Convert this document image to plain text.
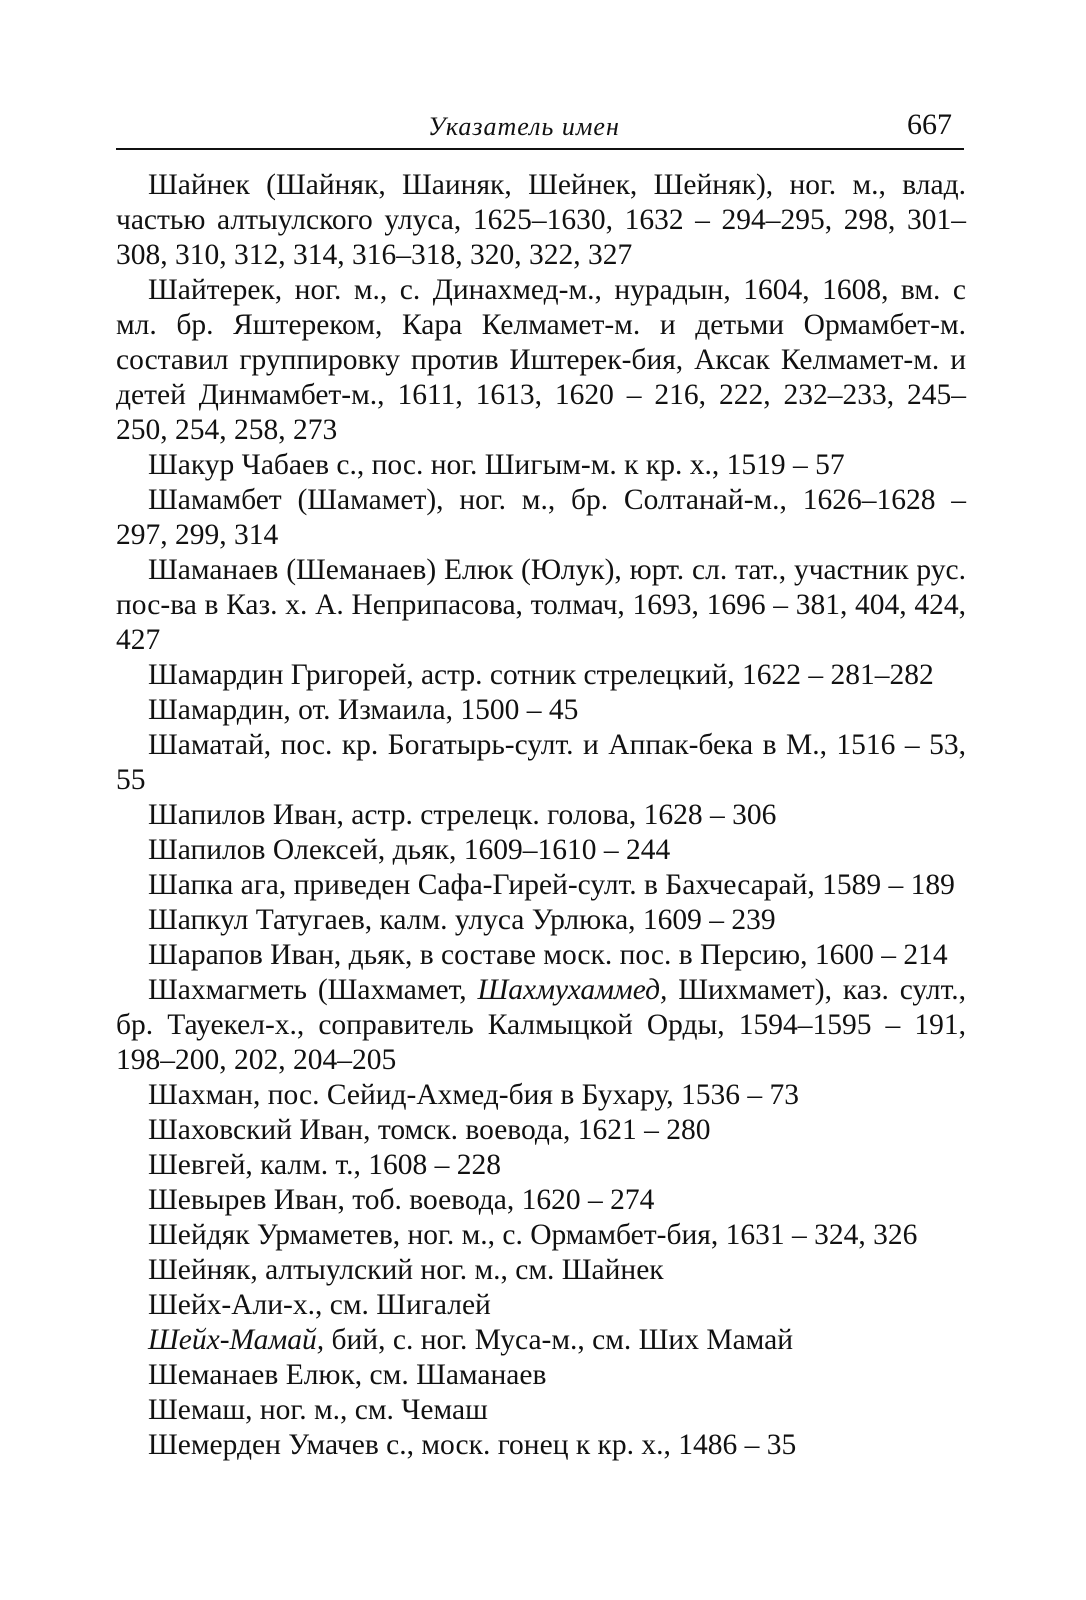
Указатель имен	667
Шайнек (Шайняк, Шаиняк, Шейнек, Шейняк), ног. м., влад. частью алтыулского улуса, 1625–1630, 1632 – 294–295, 298, 301–308, 310, 312, 314, 316–318, 320, 322, 327
Шайтерек, ног. м., с. Динахмед-м., нурадын, 1604, 1608, вм. с мл. бр. Яштереком, Кара Келмамет-м. и детьми Ормамбет-м. составил группировку против Иштерек-бия, Аксак Келмамет-м. и детей Динмамбет-м., 1611, 1613, 1620 – 216, 222, 232–233, 245–250, 254, 258, 273
Шакур Чабаев с., пос. ног. Шигым-м. к кр. х., 1519 – 57
Шамамбет (Шамамет), ног. м., бр. Солтанай-м., 1626–1628 – 297, 299, 314
Шаманаев (Шеманаев) Елюк (Юлук), юрт. сл. тат., участник рус. пос-ва в Каз. х. А. Неприпасова, толмач, 1693, 1696 – 381, 404, 424, 427
Шамардин Григорей, астр. сотник стрелецкий, 1622 – 281–282
Шамардин, от. Измаила, 1500 – 45
Шаматай, пос. кр. Богатырь-султ. и Аппак-бека в М., 1516 – 53, 55
Шапилов Иван, астр. стрелецк. голова, 1628 – 306
Шапилов Олексей, дьяк, 1609–1610 – 244
Шапка ага, приведен Сафа-Гирей-султ. в Бахчесарай, 1589 – 189
Шапкул Татугаев, калм. улуса Урлюка, 1609 – 239
Шарапов Иван, дьяк, в составе моск. пос. в Персию, 1600 – 214
Шахмагметь (Шахмамет, Шахмухаммед, Шихмамет), каз. султ., бр. Тауекел-х., соправитель Калмыцкой Орды, 1594–1595 – 191, 198–200, 202, 204–205
Шахман, пос. Сейид-Ахмед-бия в Бухару, 1536 – 73
Шаховский Иван, томск. воевода, 1621 – 280
Шевгей, калм. т., 1608 – 228
Шевырев Иван, тоб. воевода, 1620 – 274
Шейдяк Урмаметев, ног. м., с. Ормамбет-бия, 1631 – 324, 326
Шейняк, алтыулский ног. м., см. Шайнек
Шейх-Али-х., см. Шигалей
Шейх-Мамай, бий, с. ног. Муса-м., см. Ших Мамай
Шеманаев Елюк, см. Шаманаев
Шемаш, ног. м., см. Чемаш
Шемерден Умачев с., моск. гонец к кр. х., 1486 – 35
